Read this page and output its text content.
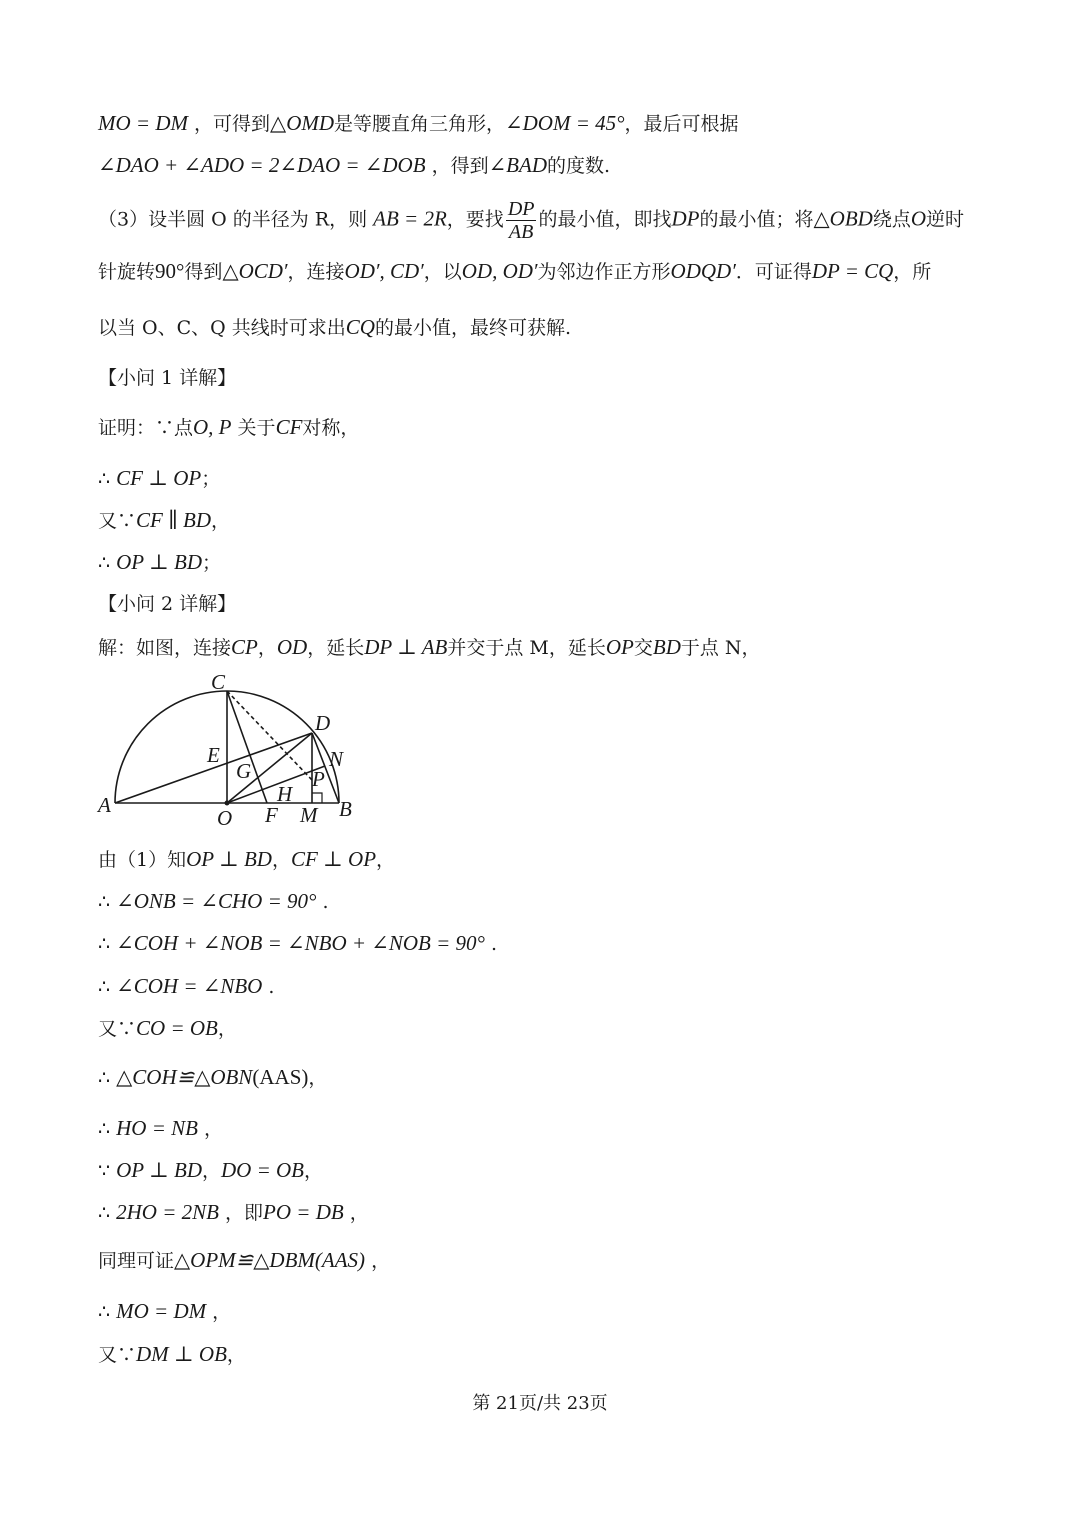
MO = DM ，可得到△OMD是等腰直角三角形，∠DOM = 45°，最后可根据
∠DAO + ∠ADO = 2∠DAO = ∠DOB ，得到∠BAD的度数.
（3）设半圆 O 的半径为 R，则 AB = 2R，要找 $\frac{DP}{AB}$ 的最小值，即找DP的最小值；将△OBD绕点O逆时
针旋转90°得到△OCD′，连接OD′, CD′，以OD, OD′为邻边作正方形ODQD′．可证得DP = CQ，所
以当 O、C、Q 共线时可求出CQ的最小值，最终可获解.
【小问 1 详解】
证明：∵点O, P 关于CF对称，
∴ CF ⊥ OP；
又∵CF ∥ BD，
∴ OP ⊥ BD；
【小问 2 详解】
解：如图，连接CP，OD，延长DP ⊥ AB并交于点 M，延长OP交BD于点 N，
C
D
E	N
G	P
H
A
O F M B
由（1）知OP ⊥ BD，CF ⊥ OP，
∴ ∠ONB = ∠CHO = 90° .
∴ ∠COH + ∠NOB = ∠NBO + ∠NOB = 90° .
∴ ∠COH = ∠NBO .
又∵CO = OB，
∴ △COH≌△OBN(AAS)，
∴ HO = NB ，
∵ OP ⊥ BD，DO = OB，
∴ 2HO = 2NB ，即PO = DB ，
同理可证△OPM≌△DBM(AAS) ，
∴ MO = DM ，
又∵DM ⊥ OB，
第 21页/共 23页
